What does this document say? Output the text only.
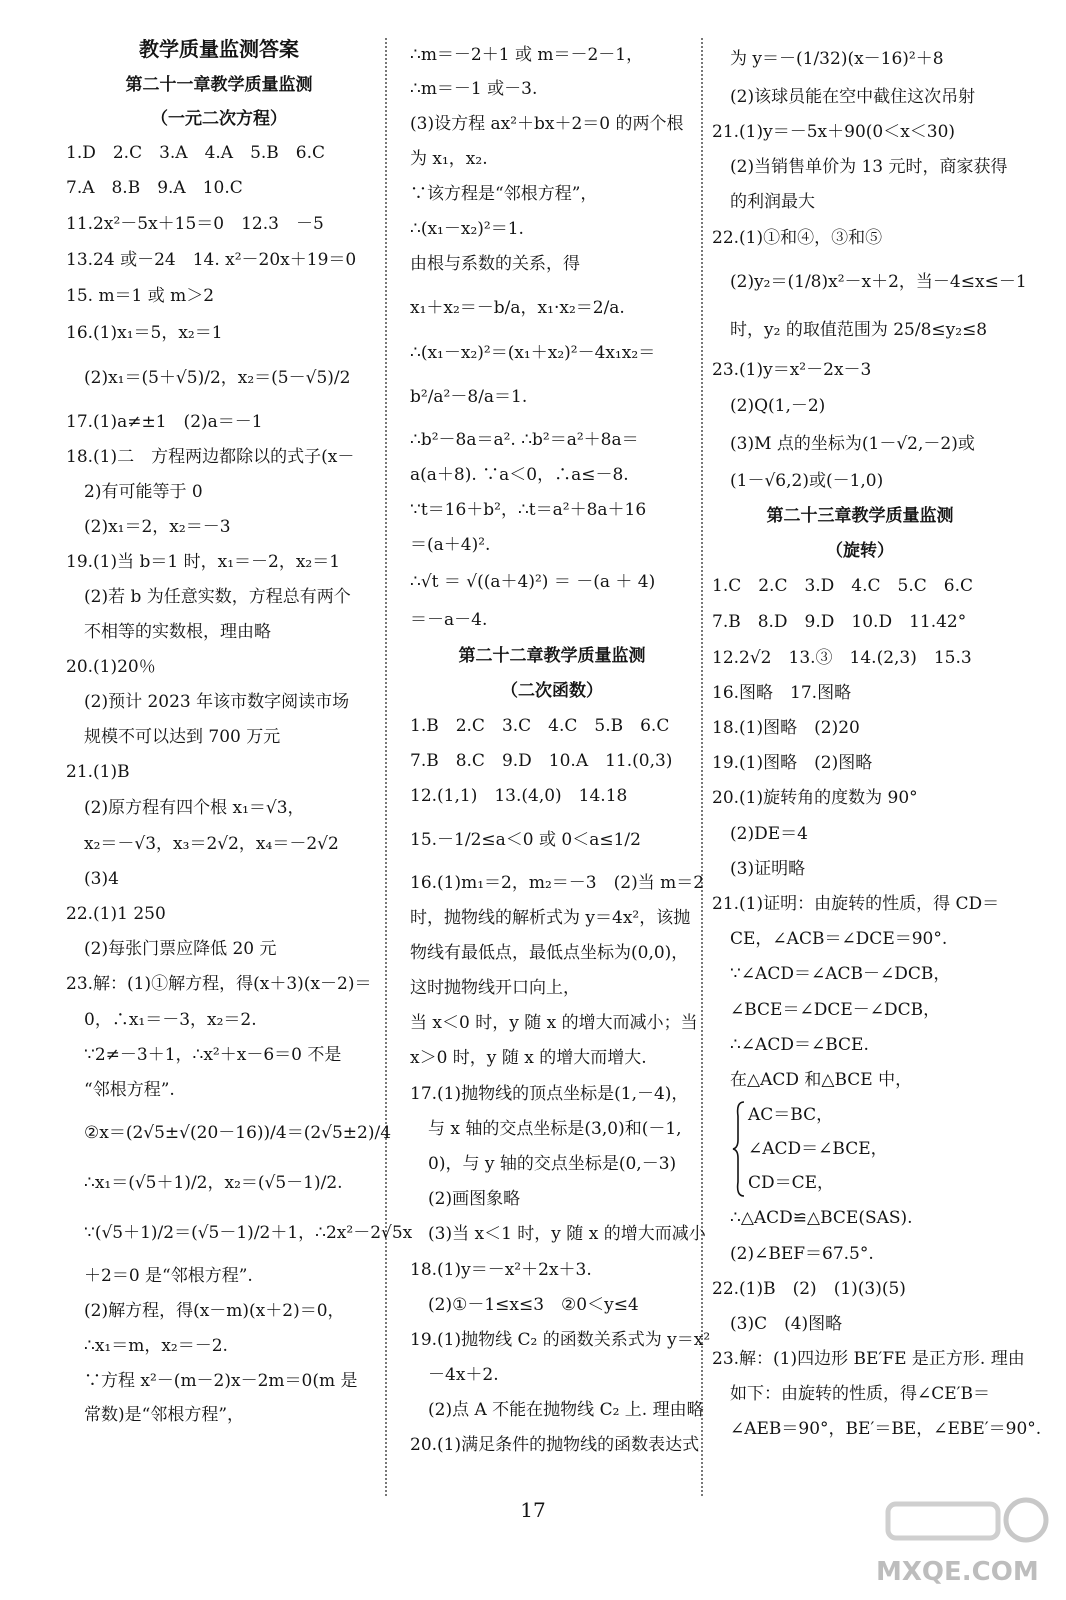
教学质量监测答案
第二十一章教学质量监测
（一元二次方程）
1.D　2.C　3.A　4.A　5.B　6.C
7.A　8.B　9.A　10.C
11.2x²－5x＋15＝0　12.3　－5
13.24 或－24　14. x²－20x＋19＝0
15. m＝1 或 m＞2
16.(1)x₁＝5，x₂＝1
(2)x₁＝(5＋√5)/2，x₂＝(5－√5)/2
17.(1)a≠±1　(2)a＝－1
18.(1)二　方程两边都除以的式子(x－
2)有可能等于 0
(2)x₁＝2，x₂＝－3
19.(1)当 b＝1 时，x₁＝－2，x₂＝1
(2)若 b 为任意实数，方程总有两个
不相等的实数根，理由略
20.(1)20％
(2)预计 2023 年该市数字阅读市场
规模不可以达到 700 万元
21.(1)B
(2)原方程有四个根 x₁＝√3，
x₂＝－√3，x₃＝2√2，x₄＝－2√2
(3)4
22.(1)1 250
(2)每张门票应降低 20 元
23.解：(1)①解方程，得(x＋3)(x－2)＝
0，∴x₁＝－3，x₂＝2.
∵2≠－3＋1，∴x²＋x－6＝0 不是
“邻根方程”.
②x＝(2√5±√(20－16))/4＝(2√5±2)/4
∴x₁＝(√5＋1)/2，x₂＝(√5－1)/2.
∵(√5＋1)/2＝(√5－1)/2＋1，∴2x²－2√5x
＋2＝0 是“邻根方程”.
(2)解方程，得(x－m)(x＋2)＝0，
∴x₁＝m，x₂＝－2.
∵方程 x²－(m－2)x－2m＝0(m 是
常数)是“邻根方程”，
∴m＝－2＋1 或 m＝－2－1，
∴m＝－1 或－3.
(3)设方程 ax²＋bx＋2＝0 的两个根
为 x₁，x₂.
∵该方程是“邻根方程”，
∴(x₁－x₂)²＝1.
由根与系数的关系，得
x₁＋x₂＝－b/a，x₁·x₂＝2/a.
∴(x₁－x₂)²＝(x₁＋x₂)²－4x₁x₂＝
b²/a²－8/a＝1.
∴b²－8a＝a². ∴b²＝a²＋8a＝
a(a＋8). ∵a＜0，∴a≤－8.
∵t＝16＋b²，∴t＝a²＋8a＋16
＝(a＋4)².
∴√t ＝ √((a＋4)²) ＝ －(a ＋ 4)
＝－a－4.
第二十二章教学质量监测
（二次函数）
1.B　2.C　3.C　4.C　5.B　6.C
7.B　8.C　9.D　10.A　11.(0,3)
12.(1,1)　13.(4,0)　14.18
15.－1/2≤a＜0 或 0＜a≤1/2
16.(1)m₁＝2，m₂＝－3　(2)当 m＝2
时，抛物线的解析式为 y＝4x²，该抛
物线有最低点，最低点坐标为(0,0)，
这时抛物线开口向上，
当 x＜0 时，y 随 x 的增大而减小；当
x＞0 时，y 随 x 的增大而增大.
17.(1)抛物线的顶点坐标是(1,－4)，
与 x 轴的交点坐标是(3,0)和(－1,
0)，与 y 轴的交点坐标是(0,－3)
(2)画图象略
(3)当 x＜1 时，y 随 x 的增大而减小
18.(1)y＝－x²＋2x＋3.
(2)①－1≤x≤3　②0＜y≤4
19.(1)抛物线 C₂ 的函数关系式为 y＝x²
－4x＋2.
(2)点 A 不能在抛物线 C₂ 上. 理由略
20.(1)满足条件的抛物线的函数表达式
为 y＝－(1/32)(x－16)²＋8
(2)该球员能在空中截住这次吊射
21.(1)y＝－5x＋90(0＜x＜30)
(2)当销售单价为 13 元时，商家获得
的利润最大
22.(1)①和④，③和⑤
(2)y₂＝(1/8)x²－x＋2，当－4≤x≤－1
时，y₂ 的取值范围为 25/8≤y₂≤8
23.(1)y＝x²－2x－3
(2)Q(1,－2)
(3)M 点的坐标为(1－√2,－2)或
(1－√6,2)或(－1,0)
第二十三章教学质量监测
（旋转）
1.C　2.C　3.D　4.C　5.C　6.C
7.B　8.D　9.D　10.D　11.42°
12.2√2　13.③　14.(2,3)　15.3
16.图略　17.图略
18.(1)图略　(2)20
19.(1)图略　(2)图略
20.(1)旋转角的度数为 90°
(2)DE＝4
(3)证明略
21.(1)证明：由旋转的性质，得 CD＝
CE，∠ACB＝∠DCE＝90°.
∵∠ACD＝∠ACB－∠DCB，
∠BCE＝∠DCE－∠DCB，
∴∠ACD＝∠BCE.
在△ACD 和△BCE 中，
AC＝BC，
∠ACD＝∠BCE，
CD＝CE，
∴△ACD≌△BCE(SAS).
(2)∠BEF＝67.5°.
22.(1)B　(2)　(1)(3)(5)
(3)C　(4)图略
23.解：(1)四边形 BE′FE 是正方形. 理由
如下：由旋转的性质，得∠CE′B＝
∠AEB＝90°，BE′＝BE，∠EBE′＝90°.
17
MXQE.COM
